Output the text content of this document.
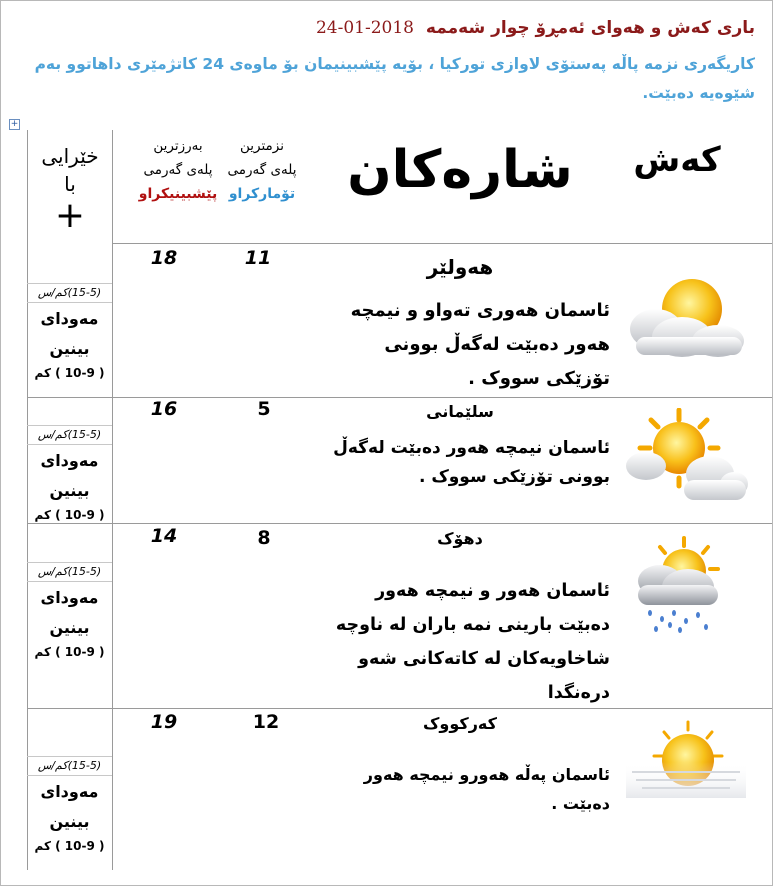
باری کەش و هەوای ئەمڕۆ چوار شەممە 2018-01-24
کاریگەری نزمە پاڵە پەستۆی لاوازی تورکیا ، بۆیە پێشبینیمان بۆ ماوەی 24 کاتژمێری داهاتوو بەم شێوەیە دەبێت.
+
کەش
شارەکان
نزمترین
پلەی گەرمی
تۆمارکراو
بەرزترین
پلەی گەرمی
پێشبینیکراو
خێرایی
با
+
18	11	هەولێر
ئاسمان هەوری تەواو و نیمچە هەور دەبێت لەگەڵ بوونی تۆزێکی سووک .
(15-5)کم/س
مەودای
بینین
( 10-9 ) کم
16	5	سلێمانی
ئاسمان نیمچە هەور دەبێت لەگەڵ بوونی تۆزێکی سووک .
(15-5)کم/س
مەودای
بینین
( 10-9 ) کم
14	8	دهۆک
ئاسمان هەور و نیمچە هەور دەبێت بارینی نمە باران لە ناوچە شاخاویەکان لە کاتەکانی شەو درەنگدا
(15-5)کم/س
مەودای
بینین
( 10-9 ) کم
19	12	کەرکووک
ئاسمان پەڵە هەورو نیمچە هەور دەبێت .
(15-5)کم/س
مەودای
بینین
( 10-9 ) کم
